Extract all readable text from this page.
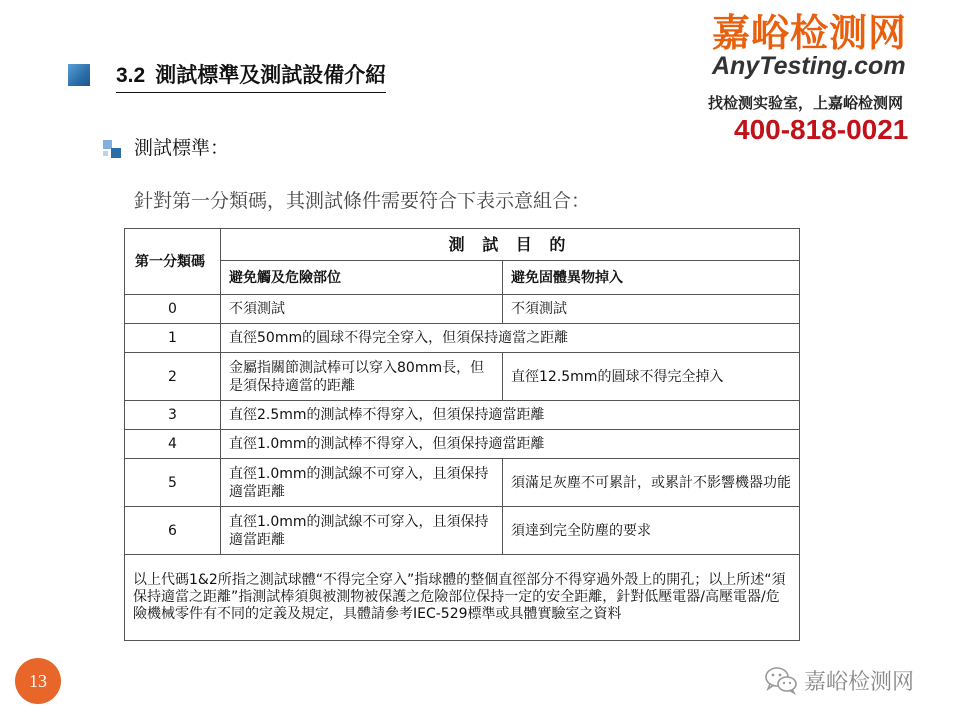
嘉峪检测网
AnyTesting.com
找检测实验室，上嘉峪检测网
400-818-0021
3.2 測試標準及測試設備介紹
測試標準：
針對第一分類碼，其測試條件需要符合下表示意組合：
第一分類碼	測 試 目 的	
	避免觸及危險部位	避免固體異物掉入
0	不須測試	不須測試
1	直徑50mm的圓球不得完全穿入，但須保持適當之距離	
2	金屬指關節測試棒可以穿入80mm長，但是須保持適當的距離	直徑12.5mm的圓球不得完全掉入
3	直徑2.5mm的測試棒不得穿入，但須保持適當距離	
4	直徑1.0mm的測試棒不得穿入，但須保持適當距離	
5	直徑1.0mm的測試線不可穿入，且須保持適當距離	須滿足灰塵不可累計，或累計不影響機器功能
6	直徑1.0mm的測試線不可穿入，且須保持適當距離	須達到完全防塵的要求
以上代碼1&2所指之測試球體“不得完全穿入”指球體的整個直徑部分不得穿過外殼上的開孔；以上所述“須保持適當之距離”指測試棒須與被測物被保護之危險部位保持一定的安全距離，針對低壓電器/高壓電器/危險機械零件有不同的定義及規定，具體請參考IEC-529標準或具體實驗室之資料		
13	嘉峪检测网
